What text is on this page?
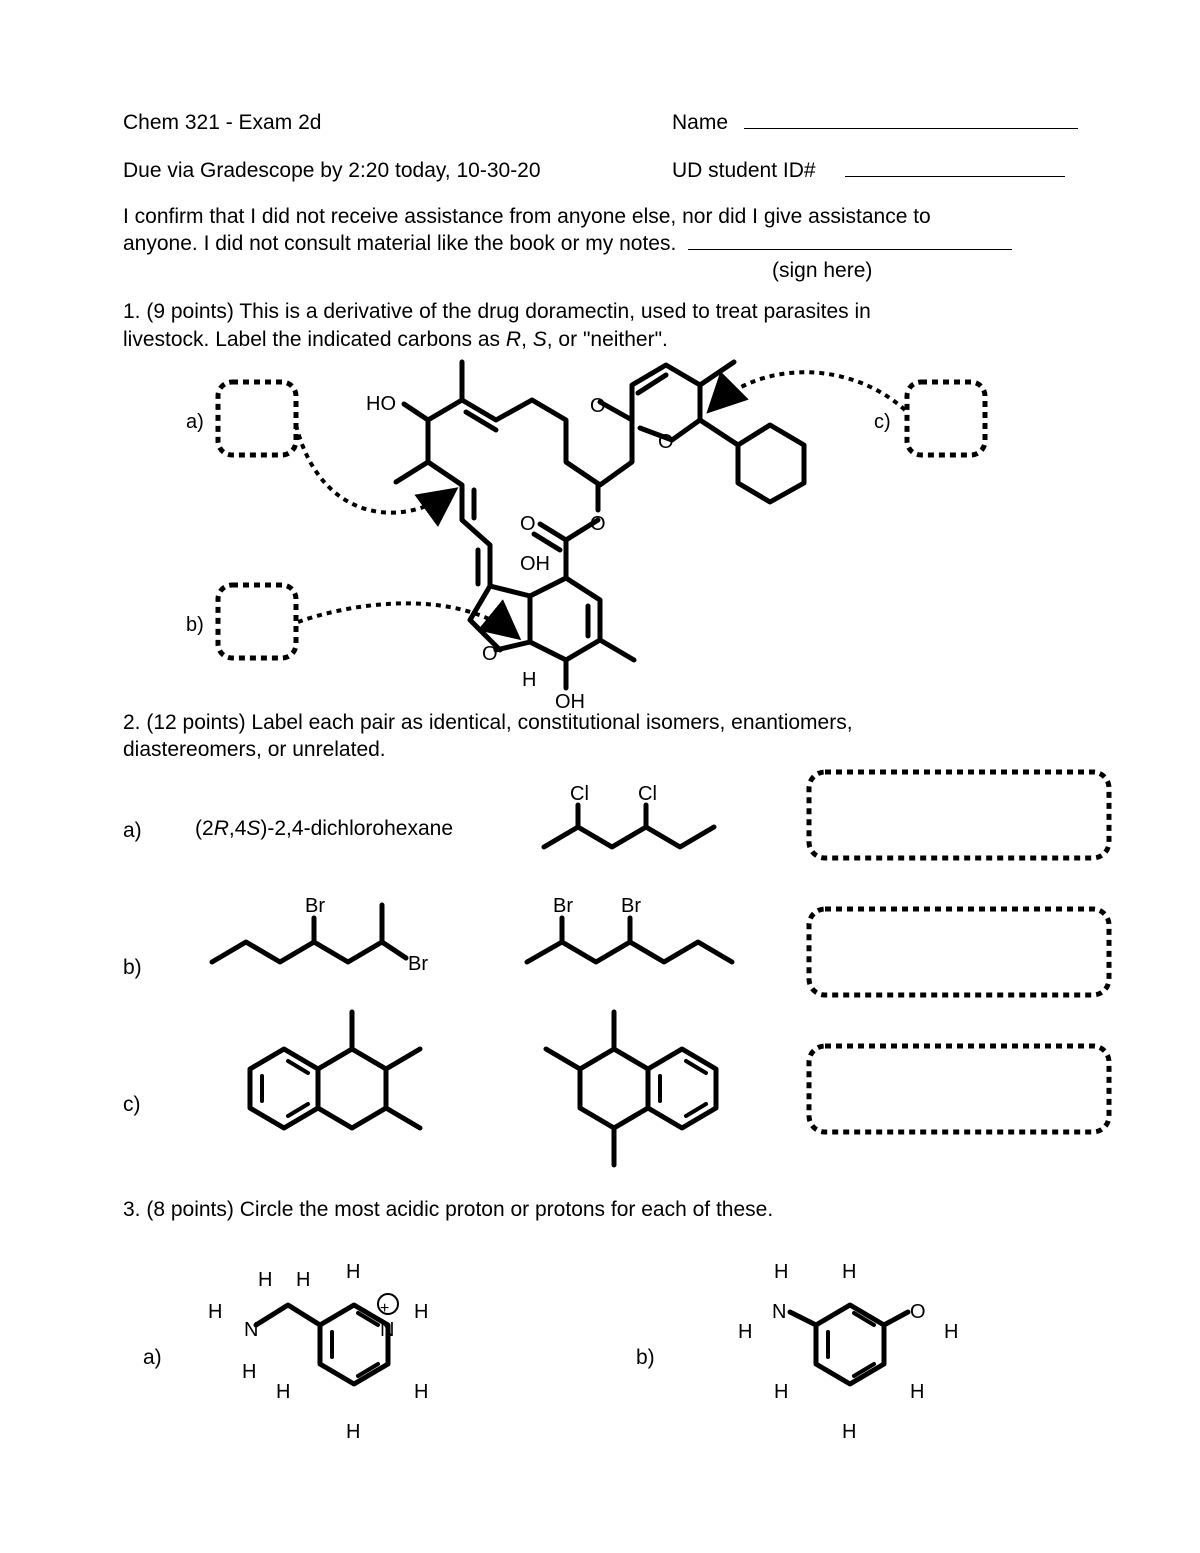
Chem 321 - Exam 2d	Name
Due via Gradescope by 2:20 today, 10-30-20	UD student ID#
I confirm that I did not receive assistance from anyone else, nor did I give assistance to
anyone. I did not consult material like the book or my notes.
(sign here)
1. (9 points) This is a derivative of the drug doramectin, used to treat parasites in
livestock. Label the indicated carbons as R, S, or "neither".
2. (12 points) Label each pair as identical, constitutional isomers, enantiomers,
diastereomers, or unrelated.
a)	(2R,4S)-2,4-dichlorohexane
b)
c)
3. (8 points) Circle the most acidic proton or protons for each of these.
a)	b)
a)
b)
c)
HO	O
O
O	O
OH
O
H
OH
Cl Cl
Br
Br
Br Br
N	N
+
H H H
H	H
H
H	H
H
N	O
H	H
H	H
H	H
H
